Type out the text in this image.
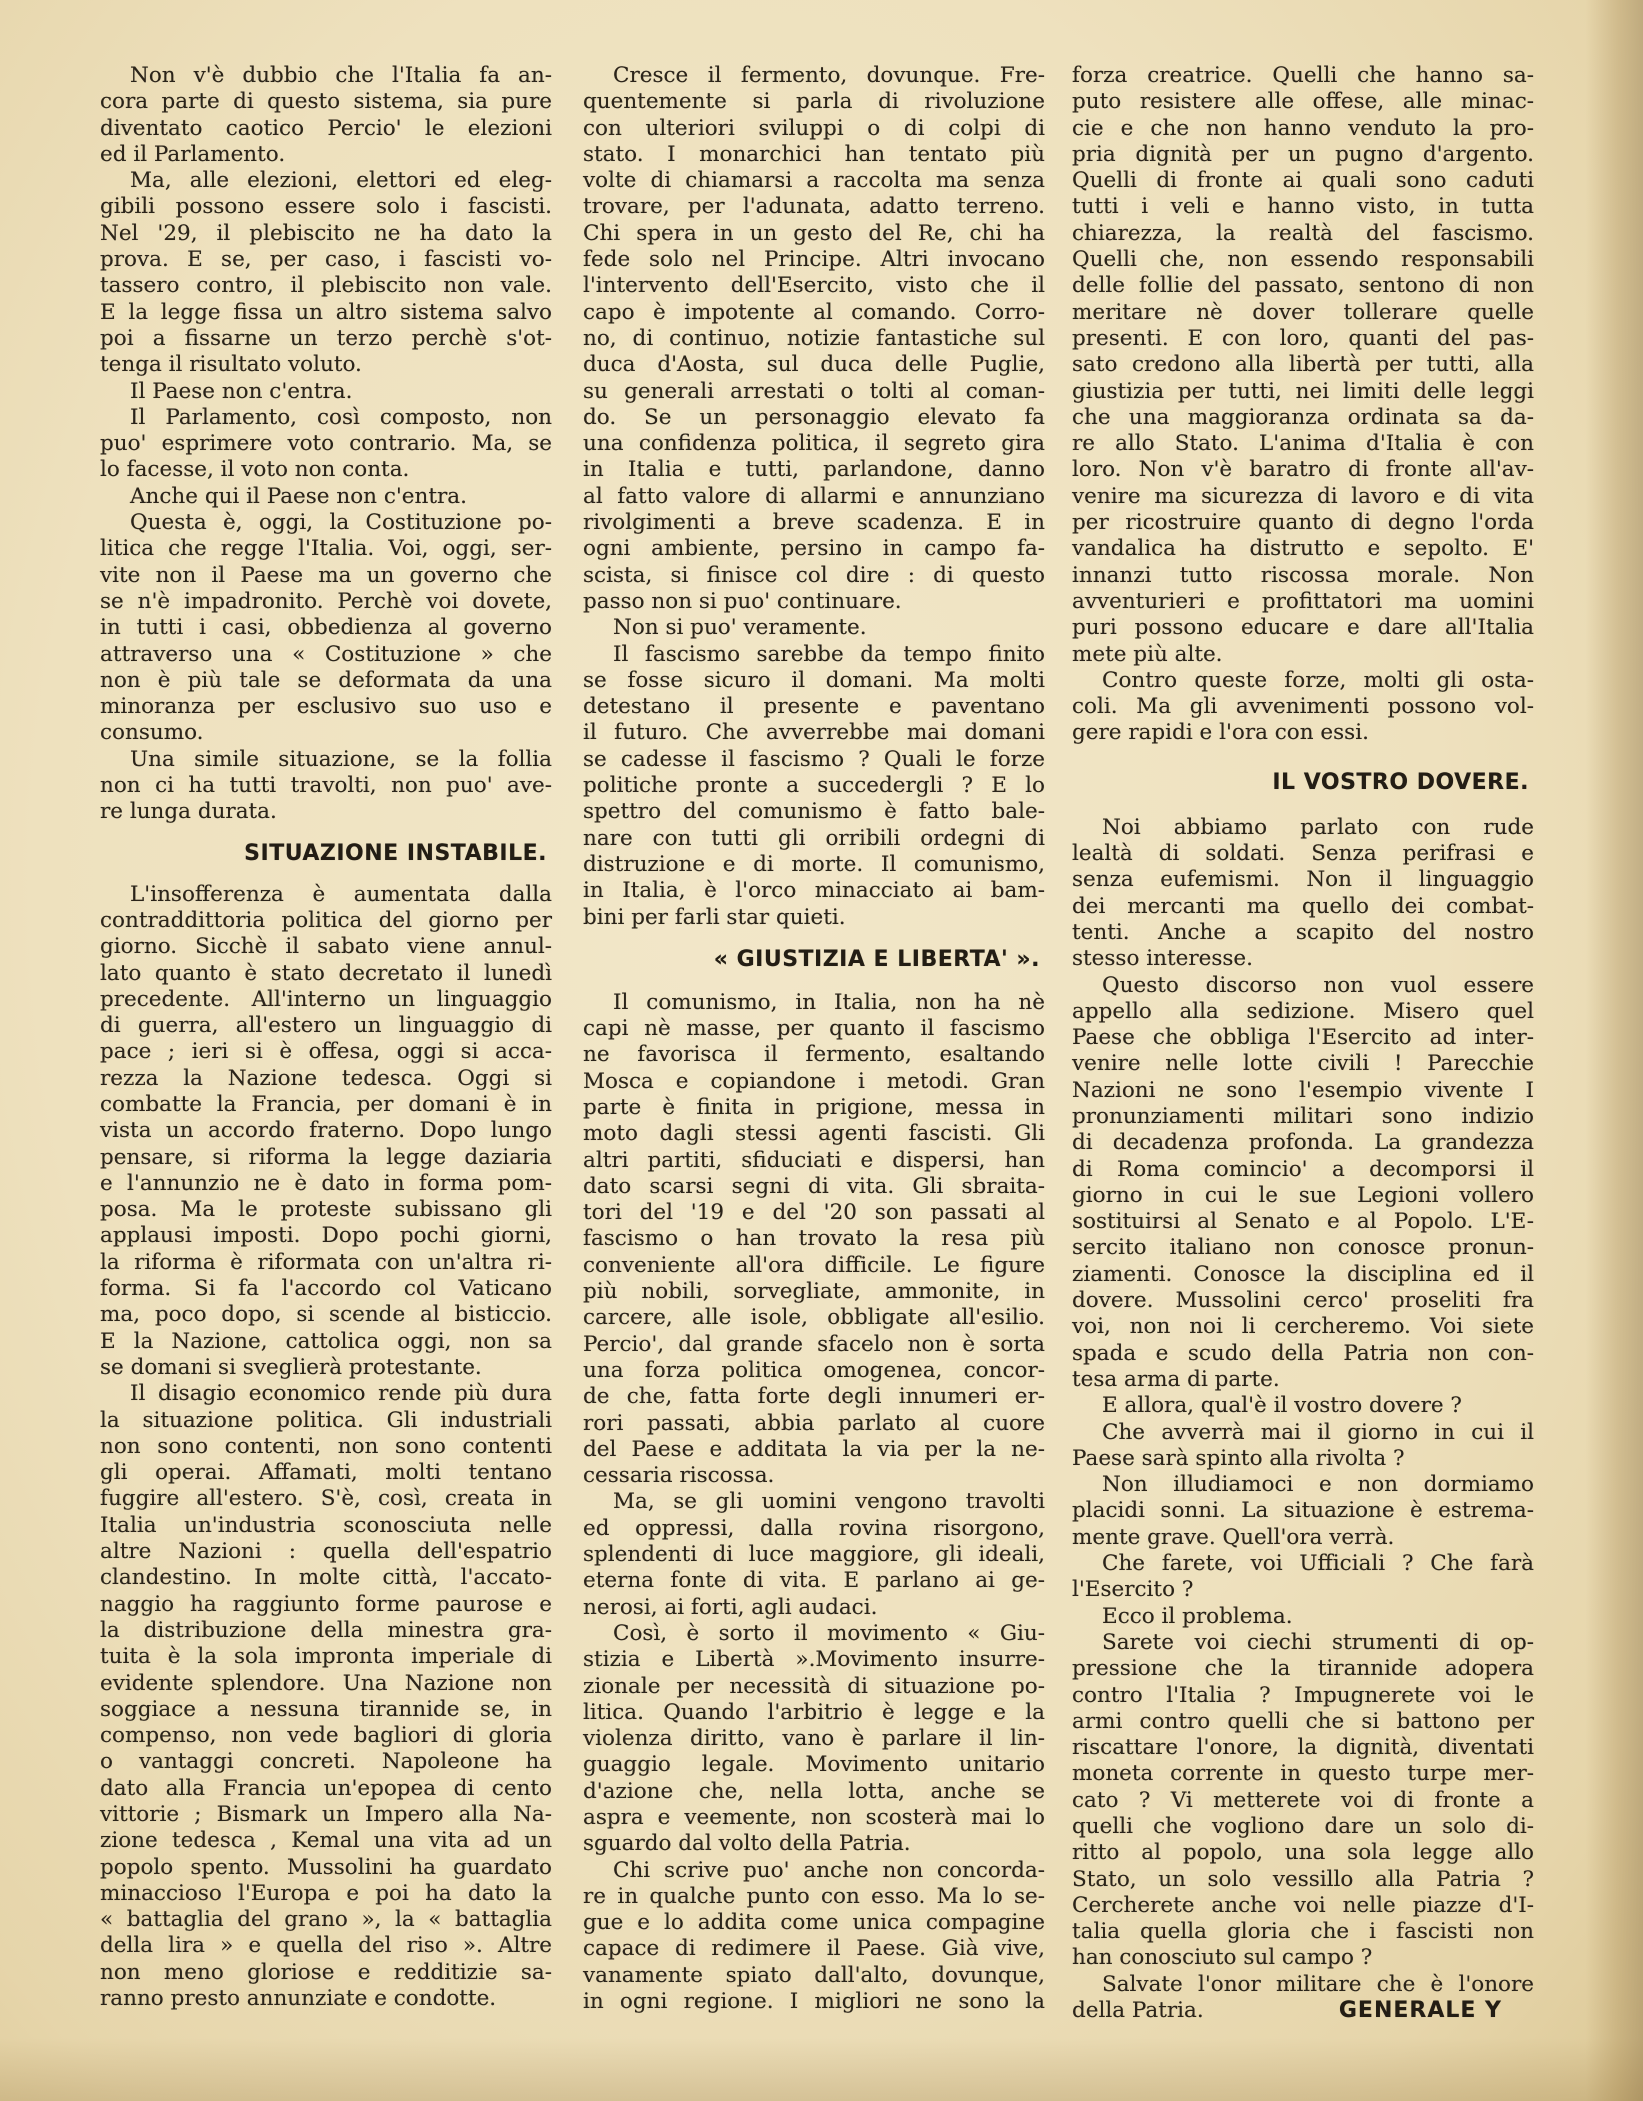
Non v'è dubbio che l'Italia fa an-
cora parte di questo sistema, sia pure
diventato caotico Percio' le elezioni
ed il Parlamento.
Ma, alle elezioni, elettori ed eleg-
gibili possono essere solo i fascisti.
Nel '29, il plebiscito ne ha dato la
prova. E se, per caso, i fascisti vo-
tassero contro, il plebiscito non vale.
E la legge fissa un altro sistema salvo
poi a fissarne un terzo perchè s'ot-
tenga il risultato voluto.
Il Paese non c'entra.
Il Parlamento, così composto, non
puo' esprimere voto contrario. Ma, se
lo facesse, il voto non conta.
Anche qui il Paese non c'entra.
Questa è, oggi, la Costituzione po-
litica che regge l'Italia. Voi, oggi, ser-
vite non il Paese ma un governo che
se n'è impadronito. Perchè voi dovete,
in tutti i casi, obbedienza al governo
attraverso una « Costituzione » che
non è più tale se deformata da una
minoranza per esclusivo suo uso e
consumo.
Una simile situazione, se la follia
non ci ha tutti travolti, non puo' ave-
re lunga durata.
SITUAZIONE INSTABILE.
L'insofferenza è aumentata dalla
contraddittoria politica del giorno per
giorno. Sicchè il sabato viene annul-
lato quanto è stato decretato il lunedì
precedente. All'interno un linguaggio
di guerra, all'estero un linguaggio di
pace ; ieri si è offesa, oggi si acca-
rezza la Nazione tedesca. Oggi si
combatte la Francia, per domani è in
vista un accordo fraterno. Dopo lungo
pensare, si riforma la legge daziaria
e l'annunzio ne è dato in forma pom-
posa. Ma le proteste subissano gli
applausi imposti. Dopo pochi giorni,
la riforma è riformata con un'altra ri-
forma. Si fa l'accordo col Vaticano
ma, poco dopo, si scende al bisticcio.
E la Nazione, cattolica oggi, non sa
se domani si sveglierà protestante.
Il disagio economico rende più dura
la situazione politica. Gli industriali
non sono contenti, non sono contenti
gli operai. Affamati, molti tentano
fuggire all'estero. S'è, così, creata in
Italia un'industria sconosciuta nelle
altre Nazioni : quella dell'espatrio
clandestino. In molte città, l'accato-
naggio ha raggiunto forme paurose e
la distribuzione della minestra gra-
tuita è la sola impronta imperiale di
evidente splendore. Una Nazione non
soggiace a nessuna tirannide se, in
compenso, non vede bagliori di gloria
o vantaggi concreti. Napoleone ha
dato alla Francia un'epopea di cento
vittorie ; Bismark un Impero alla Na-
zione tedesca , Kemal una vita ad un
popolo spento. Mussolini ha guardato
minaccioso l'Europa e poi ha dato la
« battaglia del grano », la « battaglia
della lira » e quella del riso ». Altre
non meno gloriose e redditizie sa-
ranno presto annunziate e condotte.
Cresce il fermento, dovunque. Fre-
quentemente si parla di rivoluzione
con ulteriori sviluppi o di colpi di
stato. I monarchici han tentato più
volte di chiamarsi a raccolta ma senza
trovare, per l'adunata, adatto terreno.
Chi spera in un gesto del Re, chi ha
fede solo nel Principe. Altri invocano
l'intervento dell'Esercito, visto che il
capo è impotente al comando. Corro-
no, di continuo, notizie fantastiche sul
duca d'Aosta, sul duca delle Puglie,
su generali arrestati o tolti al coman-
do. Se un personaggio elevato fa
una confidenza politica, il segreto gira
in Italia e tutti, parlandone, danno
al fatto valore di allarmi e annunziano
rivolgimenti a breve scadenza. E in
ogni ambiente, persino in campo fa-
scista, si finisce col dire : di questo
passo non si puo' continuare.
Non si puo' veramente.
Il fascismo sarebbe da tempo finito
se fosse sicuro il domani. Ma molti
detestano il presente e paventano
il futuro. Che avverrebbe mai domani
se cadesse il fascismo ? Quali le forze
politiche pronte a succedergli ? E lo
spettro del comunismo è fatto bale-
nare con tutti gli orribili ordegni di
distruzione e di morte. Il comunismo,
in Italia, è l'orco minacciato ai bam-
bini per farli star quieti.
« GIUSTIZIA E LIBERTA' ».
Il comunismo, in Italia, non ha nè
capi nè masse, per quanto il fascismo
ne favorisca il fermento, esaltando
Mosca e copiandone i metodi. Gran
parte è finita in prigione, messa in
moto dagli stessi agenti fascisti. Gli
altri partiti, sfiduciati e dispersi, han
dato scarsi segni di vita. Gli sbraita-
tori del '19 e del '20 son passati al
fascismo o han trovato la resa più
conveniente all'ora difficile. Le figure
più nobili, sorvegliate, ammonite, in
carcere, alle isole, obbligate all'esilio.
Percio', dal grande sfacelo non è sorta
una forza politica omogenea, concor-
de che, fatta forte degli innumeri er-
rori passati, abbia parlato al cuore
del Paese e additata la via per la ne-
cessaria riscossa.
Ma, se gli uomini vengono travolti
ed oppressi, dalla rovina risorgono,
splendenti di luce maggiore, gli ideali,
eterna fonte di vita. E parlano ai ge-
nerosi, ai forti, agli audaci.
Così, è sorto il movimento « Giu-
stizia e Libertà ».Movimento insurre-
zionale per necessità di situazione po-
litica. Quando l'arbitrio è legge e la
violenza diritto, vano è parlare il lin-
guaggio legale. Movimento unitario
d'azione che, nella lotta, anche se
aspra e veemente, non scosterà mai lo
sguardo dal volto della Patria.
Chi scrive puo' anche non concorda-
re in qualche punto con esso. Ma lo se-
gue e lo addita come unica compagine
capace di redimere il Paese. Già vive,
vanamente spiato dall'alto, dovunque,
in ogni regione. I migliori ne sono la
forza creatrice. Quelli che hanno sa-
puto resistere alle offese, alle minac-
cie e che non hanno venduto la pro-
pria dignità per un pugno d'argento.
Quelli di fronte ai quali sono caduti
tutti i veli e hanno visto, in tutta
chiarezza, la realtà del fascismo.
Quelli che, non essendo responsabili
delle follie del passato, sentono di non
meritare nè dover tollerare quelle
presenti. E con loro, quanti del pas-
sato credono alla libertà per tutti, alla
giustizia per tutti, nei limiti delle leggi
che una maggioranza ordinata sa da-
re allo Stato. L'anima d'Italia è con
loro. Non v'è baratro di fronte all'av-
venire ma sicurezza di lavoro e di vita
per ricostruire quanto di degno l'orda
vandalica ha distrutto e sepolto. E'
innanzi tutto riscossa morale. Non
avventurieri e profittatori ma uomini
puri possono educare e dare all'Italia
mete più alte.
Contro queste forze, molti gli osta-
coli. Ma gli avvenimenti possono vol-
gere rapidi e l'ora con essi.
IL VOSTRO DOVERE.
Noi abbiamo parlato con rude
lealtà di soldati. Senza perifrasi e
senza eufemismi. Non il linguaggio
dei mercanti ma quello dei combat-
tenti. Anche a scapito del nostro
stesso interesse.
Questo discorso non vuol essere
appello alla sedizione. Misero quel
Paese che obbliga l'Esercito ad inter-
venire nelle lotte civili ! Parecchie
Nazioni ne sono l'esempio vivente I
pronunziamenti militari sono indizio
di decadenza profonda. La grandezza
di Roma comincio' a decomporsi il
giorno in cui le sue Legioni vollero
sostituirsi al Senato e al Popolo. L'E-
sercito italiano non conosce pronun-
ziamenti. Conosce la disciplina ed il
dovere. Mussolini cerco' proseliti fra
voi, non noi li cercheremo. Voi siete
spada e scudo della Patria non con-
tesa arma di parte.
E allora, qual'è il vostro dovere ?
Che avverrà mai il giorno in cui il
Paese sarà spinto alla rivolta ?
Non illudiamoci e non dormiamo
placidi sonni. La situazione è estrema-
mente grave. Quell'ora verrà.
Che farete, voi Ufficiali ? Che farà
l'Esercito ?
Ecco il problema.
Sarete voi ciechi strumenti di op-
pressione che la tirannide adopera
contro l'Italia ? Impugnerete voi le
armi contro quelli che si battono per
riscattare l'onore, la dignità, diventati
moneta corrente in questo turpe mer-
cato ? Vi metterete voi di fronte a
quelli che vogliono dare un solo di-
ritto al popolo, una sola legge allo
Stato, un solo vessillo alla Patria ?
Cercherete anche voi nelle piazze d'I-
talia quella gloria che i fascisti non
han conosciuto sul campo ?
Salvate l'onor militare che è l'onore
della Patria.	GENERALE Y
